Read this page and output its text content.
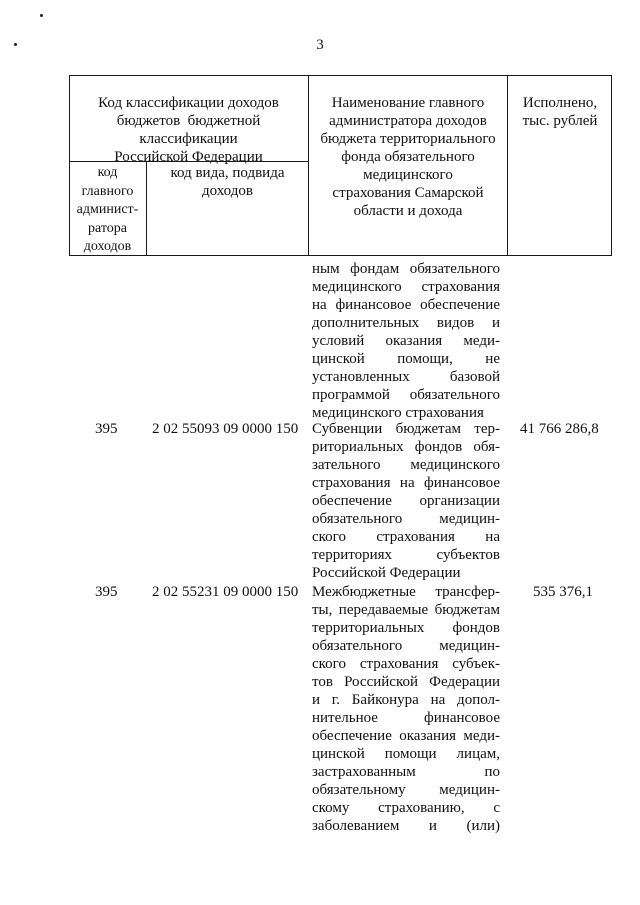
3
Код классификации доходов
бюджетов  бюджетной
классификации
Российской Федерации
код
главного
админист-
ратора
доходов
код вида, подвида
доходов
Наименование главного
администратора доходов
бюджета территориального
фонда обязательного
медицинского
страхования Самарской
области и дохода
Исполнено,
тыс. рублей
ным фондам обязательного
медицинского страхования
на финансовое обеспечение
дополнительных видов и
условий оказания меди-
цинской помощи, не
установленных базовой
программой обязательного
медицинского страхования
395 2 02 55093 09 0000 150	41 766 286,8
Субвенции бюджетам тер-
риториальных фондов обя-
зательного медицинского
страхования на финансовое
обеспечение организации
обязательного медицин-
ского страхования на
территориях субъектов
Российской Федерации
395 2 02 55231 09 0000 150	535 376,1
Межбюджетные трансфер-
ты, передаваемые бюджетам
территориальных фондов
обязательного медицин-
ского страхования субъек-
тов Российской Федерации
и г. Байконура на допол-
нительное финансовое
обеспечение оказания меди-
цинской помощи лицам,
застрахованным по
обязательному медицин-
скому страхованию, с
заболеванием и (или)
